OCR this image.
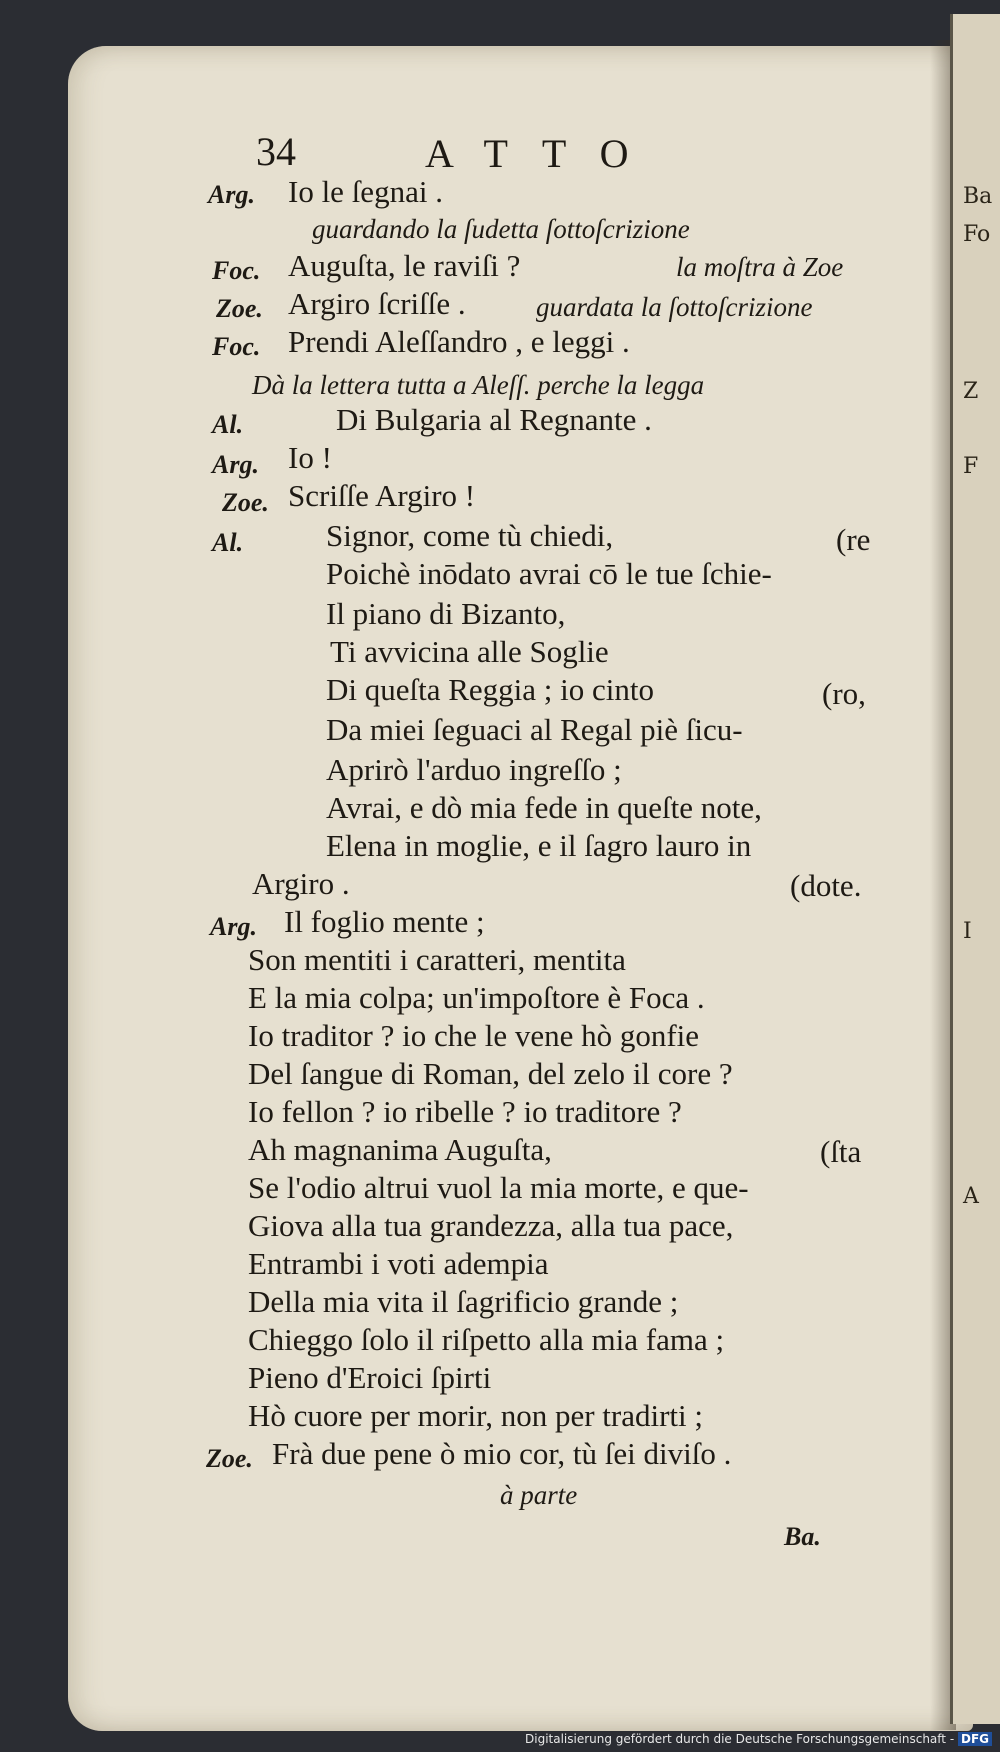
Ba
Fo
Z
F
I
A
34	ATTO
Arg. Io le ſegnai .
guardando la ſudetta ſottoſcrizione
Foc. Auguſta, le raviſi ?	la moſtra à Zoe
Zoe. Argiro ſcriſſe .	guardata la ſottoſcrizione
Foc. Prendi Aleſſandro , e leggi .
Dà la lettera tutta a Aleſſ. perche la legga
Al.	Di Bulgaria al Regnante .
Arg. Io !
Zoe. Scriſſe Argiro !
Al.	Signor, come tù chiedi,	(re
Poichè inōdato avrai cō le tue ſchie-
Il piano di Bizanto,
Ti avvicina alle Soglie
Di queſta Reggia ; io cinto	(ro,
Da miei ſeguaci al Regal piè ſicu-
Aprirò l'arduo ingreſſo ;
Avrai, e dò mia fede in queſte note,
Elena in moglie, e il ſagro lauro in
Argiro .	(dote.
Arg. Il foglio mente ;
Son mentiti i caratteri, mentita
E la mia colpa; un'impoſtore è Foca .
Io traditor ? io che le vene hò gonfie
Del ſangue di Roman, del zelo il core ?
Io fellon ? io ribelle ? io traditore ?
Ah magnanima Auguſta,	(ſta
Se l'odio altrui vuol la mia morte, e que-
Giova alla tua grandezza, alla tua pace,
Entrambi i voti adempia
Della mia vita il ſagrificio grande ;
Chieggo ſolo il riſpetto alla mia fama ;
Pieno d'Eroici ſpirti
Hò cuore per morir, non per tradirti ;
Zoe. Frà due pene ò mio cor, tù ſei diviſo .
à parte
Ba.
Digitalisierung gefördert durch die Deutsche Forschungsgemeinschaft - DFG
